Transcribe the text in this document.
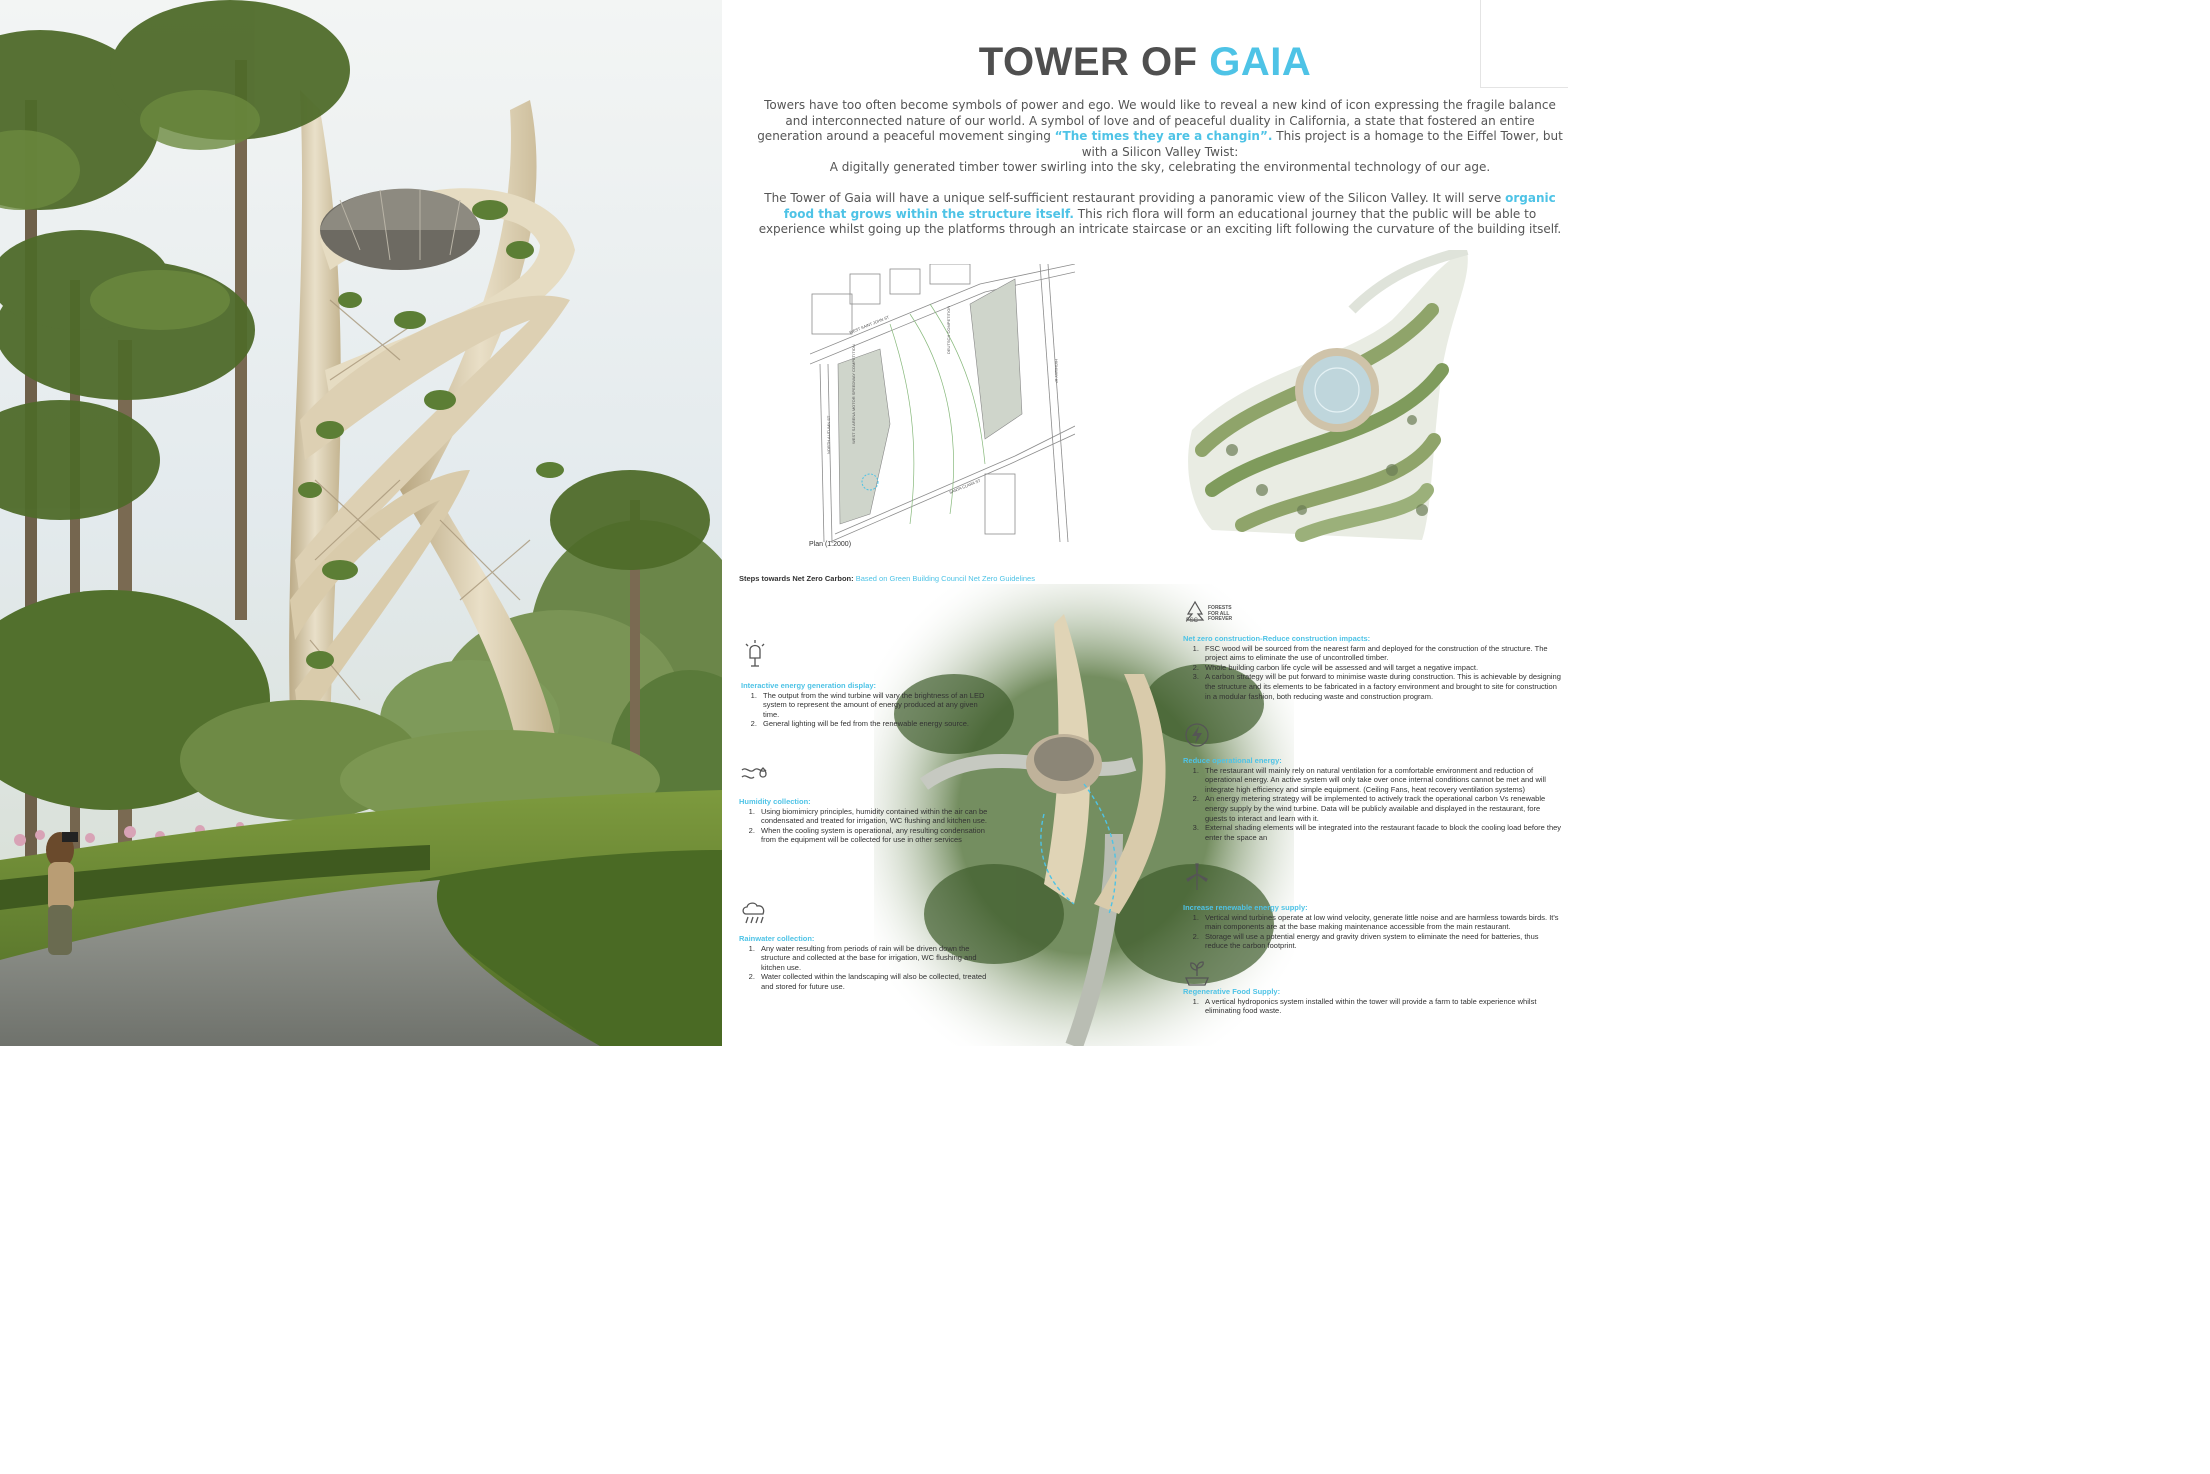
TOWER OF GAIA

Towers have too often become symbols of power and ego. We would like to reveal a new kind of icon expressing the fragile balance and interconnected nature of our world. A symbol of love and of peaceful duality in California, a state that fostered an entire generation around a peaceful movement singing “The times they are a changin”. This project is a homage to the Eiffel Tower, but with a Silicon Valley Twist:

A digitally generated timber tower swirling into the sky, celebrating the environmental technology of our age.

The Tower of Gaia will have a unique self-sufficient restaurant providing a panoramic view of the Silicon Valley. It will serve organic food that grows within the structure itself. This rich flora will form an educational journey that the public will be able to experience whilst going up the platforms through an intricate staircase or an exciting lift following the curvature of the building itself.

WEST SAINT JOHN ST
HIGHWAY 87
SANTA CLARA ST
NORTH AUTUMN ST	WEST SJ ARENA MOTOR SPEEDWAY COMPETITION
DEUTSCH COMPETITION
Plan (1:2000)
Steps towards Net Zero Carbon: Based on Green Building Council Net Zero Guidelines
Interactive energy generation display:
1. The output from the wind turbine will vary the brightness of an LED system to represent the amount of energy produced at any given time.
2. General lighting will be fed from the renewable energy source.
Humidity collection:
1. Using biomimicry principles, humidity contained within the air can be condensated and treated for irrigation, WC flushing and kitchen use.
2. When the cooling system is operational, any resulting condensation from the equipment will be collected for use in other services
Rainwater collection:
1. Any water resulting from periods of rain will be driven down the structure and collected at the base for irrigation, WC flushing and kitchen use.
2. Water collected within the landscaping will also be collected, treated and stored for future use.
FSC
FORESTS
FOR ALL
FOREVER
Net zero construction-Reduce construction impacts:
1. FSC wood will be sourced from the nearest farm and deployed for the construction of the structure. The project aims to eliminate the use of uncontrolled timber.
2. Whole building carbon life cycle will be assessed and will target a negative impact.
3. A carbon strategy will be put forward to minimise waste during construction. This is achievable by designing the structure and its elements to be fabricated in a factory environment and brought to site for construction in a modular fashion, both reducing waste and construction program.
Reduce operational energy:
1. The restaurant will mainly rely on natural ventilation for a comfortable environment and reduction of operational energy. An active system will only take over once internal conditions cannot be met and will integrate high efficiency and simple equipment. (Ceiling Fans, heat recovery ventilation systems)
2. An energy metering strategy will be implemented to actively track the operational carbon Vs renewable energy supply by the wind turbine. Data will be publicly available and displayed in the restaurant, fore guests to interact and learn with it.
3. External shading elements will be integrated into the restaurant facade to block the cooling load before they enter the space an
Increase renewable energy supply:
1. Vertical wind turbines operate at low wind velocity, generate little noise and are harmless towards birds. It's main components are at the base making maintenance accessible from the main restaurant.
2. Storage will use a potential energy and gravity driven system to eliminate the need for batteries, thus reduce the carbon footprint.
Regenerative Food Supply:
1. A vertical hydroponics system installed within the tower will provide a farm to table experience whilst eliminating food waste.
